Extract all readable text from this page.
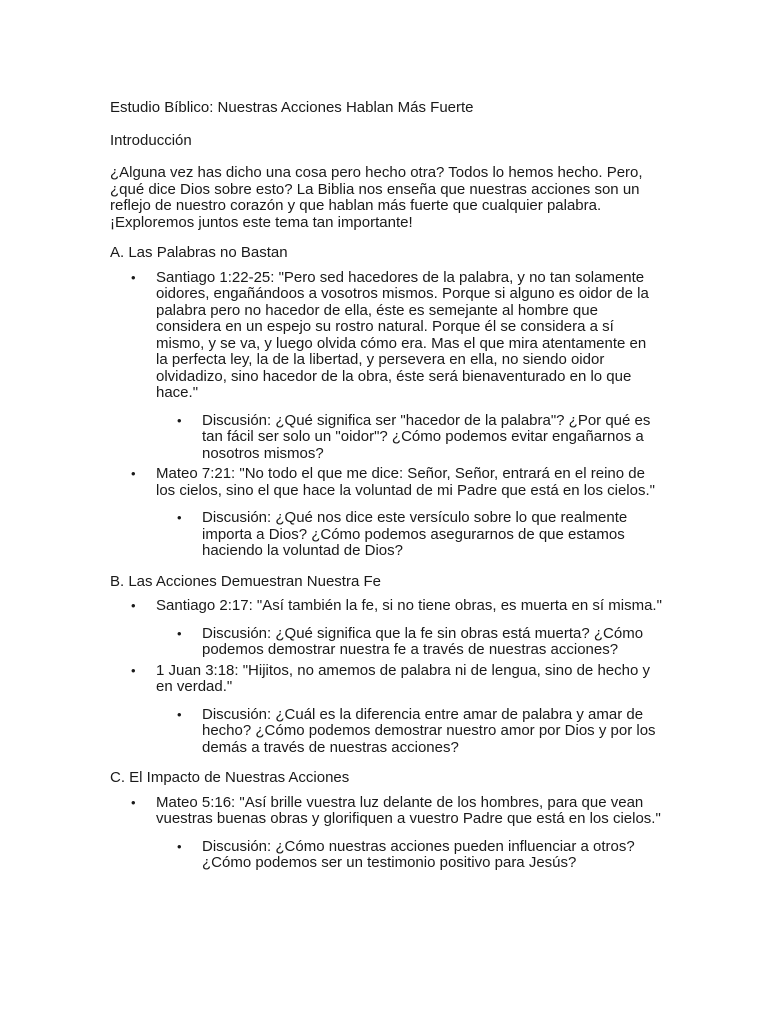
Estudio Bíblico: Nuestras Acciones Hablan Más Fuerte

Introducción

¿Alguna vez has dicho una cosa pero hecho otra? Todos lo hemos hecho. Pero, ¿qué dice Dios sobre esto? La Biblia nos enseña que nuestras acciones son un reflejo de nuestro corazón y que hablan más fuerte que cualquier palabra. ¡Exploremos juntos este tema tan importante!

A. Las Palabras no Bastan

• Santiago 1:22-25: "Pero sed hacedores de la palabra, y no tan solamente oidores, engañándoos a vosotros mismos. Porque si alguno es oidor de la palabra pero no hacedor de ella, éste es semejante al hombre que considera en un espejo su rostro natural. Porque él se considera a sí mismo, y se va, y luego olvida cómo era. Mas el que mira atentamente en la perfecta ley, la de la libertad, y persevera en ella, no siendo oidor olvidadizo, sino hacedor de la obra, éste será bienaventurado en lo que hace."
• Discusión: ¿Qué significa ser "hacedor de la palabra"? ¿Por qué es tan fácil ser solo un "oidor"? ¿Cómo podemos evitar engañarnos a nosotros mismos?
• Mateo 7:21: "No todo el que me dice: Señor, Señor, entrará en el reino de los cielos, sino el que hace la voluntad de mi Padre que está en los cielos."
• Discusión: ¿Qué nos dice este versículo sobre lo que realmente importa a Dios? ¿Cómo podemos asegurarnos de que estamos haciendo la voluntad de Dios?

B. Las Acciones Demuestran Nuestra Fe

• Santiago 2:17: "Así también la fe, si no tiene obras, es muerta en sí misma."
• Discusión: ¿Qué significa que la fe sin obras está muerta? ¿Cómo podemos demostrar nuestra fe a través de nuestras acciones?
• 1 Juan 3:18: "Hijitos, no amemos de palabra ni de lengua, sino de hecho y en verdad."
• Discusión: ¿Cuál es la diferencia entre amar de palabra y amar de hecho? ¿Cómo podemos demostrar nuestro amor por Dios y por los demás a través de nuestras acciones?

C. El Impacto de Nuestras Acciones

• Mateo 5:16: "Así brille vuestra luz delante de los hombres, para que vean vuestras buenas obras y glorifiquen a vuestro Padre que está en los cielos."
• Discusión: ¿Cómo nuestras acciones pueden influenciar a otros? ¿Cómo podemos ser un testimonio positivo para Jesús?
